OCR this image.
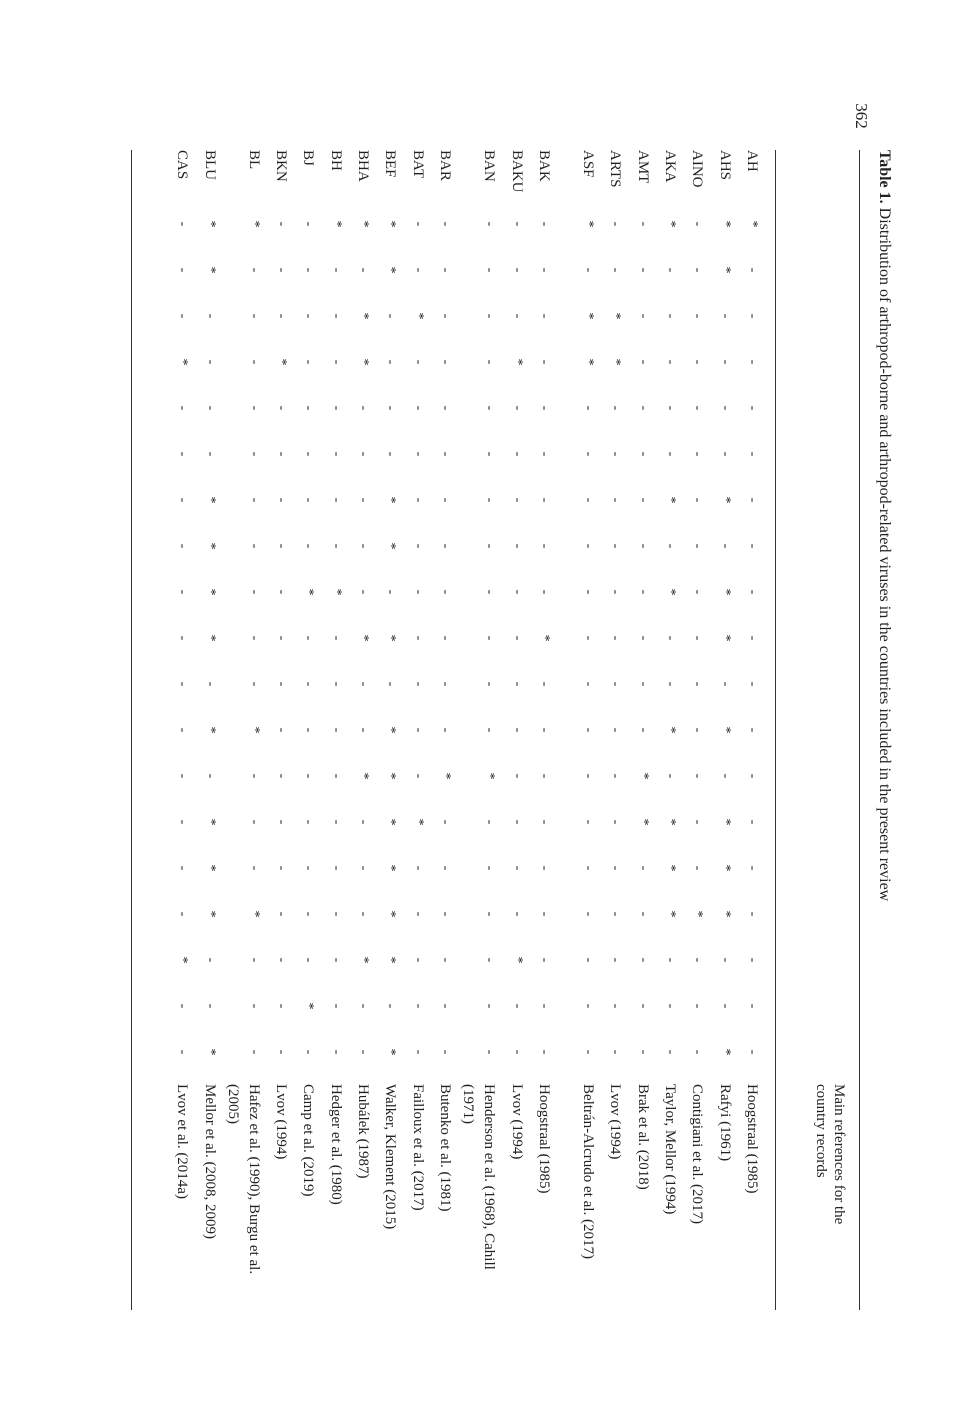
362
Table 1. Distribution of arthropod-borne and arthropod-related viruses in the countries included in the present review
Main references for the country records
AH
*
-
-
-
-
-
-
-
-
-
-
-
-
-
-
-
-
-
-
Hoogstraal (1985)
AHS
*
*
-
-
-
-
*
-
*
*
-
*
-
*
*
*
-
-
*
Rafyi (1961)
AINO
-
-
-
-
-
-
-
-
-
-
-
-
-
-
-
*
-
-
-
Contigiani et al. (2017)
AKA
*
-
-
-
-
-
*
-
*
-
-
*
-
*
*
*
-
-
-
Taylor, Mellor (1994)
AMT
-
-
-
-
-
-
-
-
-
-
-
-
*
*
-
-
-
-
-
Brak et al. (2018)
ARTS
-
-
*
*
-
-
-
-
-
-
-
-
-
-
-
-
-
-
-
Lvov (1994)
ASF
*
-
*
*
-
-
-
-
-
-
-
-
-
-
-
-
-
-
-
Beltrán-Alcrudo et al. (2017)
BAK
-
-
-
-
-
-
-
-
-
*
-
-
-
-
-
-
-
-
-
Hoogstraal (1985)
BAKU
-
-
-
*
-
-
-
-
-
-
-
-
-
-
-
-
*
-
-
Lvov (1994)
BAN
-
-
-
-
-
-
-
-
-
-
-
-
*
-
-
-
-
-
-
Henderson et al. (1968), Cahill (1971)
BAR
-
-
-
-
-
-
-
-
-
-
-
-
*
-
-
-
-
-
-
Butenko et al. (1981)
BAT
-
-
*
-
-
-
-
-
-
-
-
-
-
*
-
-
-
-
-
Failloux et al. (2017)
BEF
*
*
-
-
-
-
*
*
-
*
-
*
*
*
*
*
*
-
*
Walker, Klement (2015)
BHA
*
-
*
*
-
-
-
-
-
*
-
-
*
-
-
-
*
-
-
Hubálek (1987)
BH
*
-
-
-
-
-
-
-
*
-
-
-
-
-
-
-
-
-
-
Hedger et al. (1980)
BJ
-
-
-
-
-
-
-
-
*
-
-
-
-
-
-
-
-
*
-
Camp et al. (2019)
BKN
-
-
-
*
-
-
-
-
-
-
-
-
-
-
-
-
-
-
-
Lvov (1994)
BL
*
-
-
-
-
-
-
-
-
-
-
*
-
-
-
*
-
-
-
Hafez et al. (1990), Burgu et al. (2005)
BLU
*
*
-
-
-
-
*
*
*
*
-
*
-
*
*
*
-
-
*
Mellor et al. (2008, 2009)
CAS
-
-
-
*
-
-
-
-
-
-
-
-
-
-
-
-
*
-
-
Lvov et al. (2014a)
